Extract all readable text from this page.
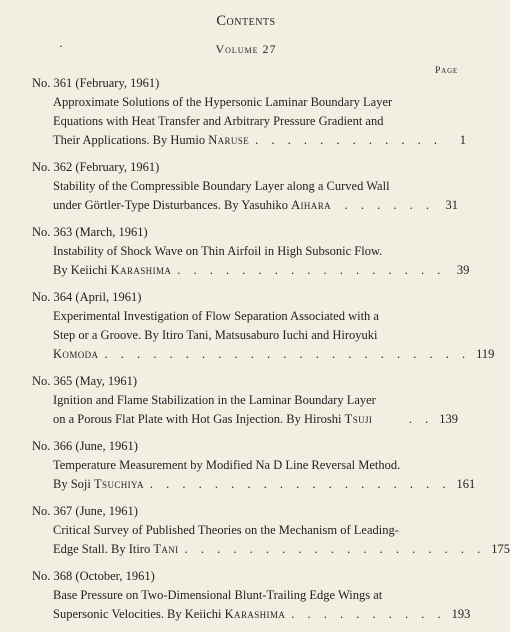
Contents
·	Volume 27
Page
No. 361 (February, 1961)
Approximate Solutions of the Hypersonic Laminar Boundary Layer
Equations with Heat Transfer and Arbitrary Pressure Gradient and
Their Applications. By Humio Naruse . . . . . . . . . . . .	1
No. 362 (February, 1961)
Stability of the Compressible Boundary Layer along a Curved Wall
under Görtler-Type Disturbances. By Yasuhiko Aihara	. . . . . . 31
No. 363 (March, 1961)
Instability of Shock Wave on Thin Airfoil in High Subsonic Flow.
By Keiichi Karashima . . . . . . . . . . . . . . . . . 39
No. 364 (April, 1961)
Experimental Investigation of Flow Separation Associated with a
Step or a Groove. By Itiro Tani, Matsusaburo Iuchi and Hiroyuki
Komoda . . . . . . . . . . . . . . . . . . . . . . . 119
No. 365 (May, 1961)
Ignition and Flame Stabilization in the Laminar Boundary Layer
on a Porous Flat Plate with Hot Gas Injection. By Hiroshi Tsuji	. . 139
No. 366 (June, 1961)
Temperature Measurement by Modified Na D Line Reversal Method.
By Soji Tsuchiya . . . . . . . . . . . . . . . . . . . 161
No. 367 (June, 1961)
Critical Survey of Published Theories on the Mechanism of Leading-
Edge Stall. By Itiro Tani . . . . . . . . . . . . . . . . . . . 175
No. 368 (October, 1961)
Base Pressure on Two-Dimensional Blunt-Trailing Edge Wings at
Supersonic Velocities. By Keiichi Karashima . . . . . . . . . . 193
